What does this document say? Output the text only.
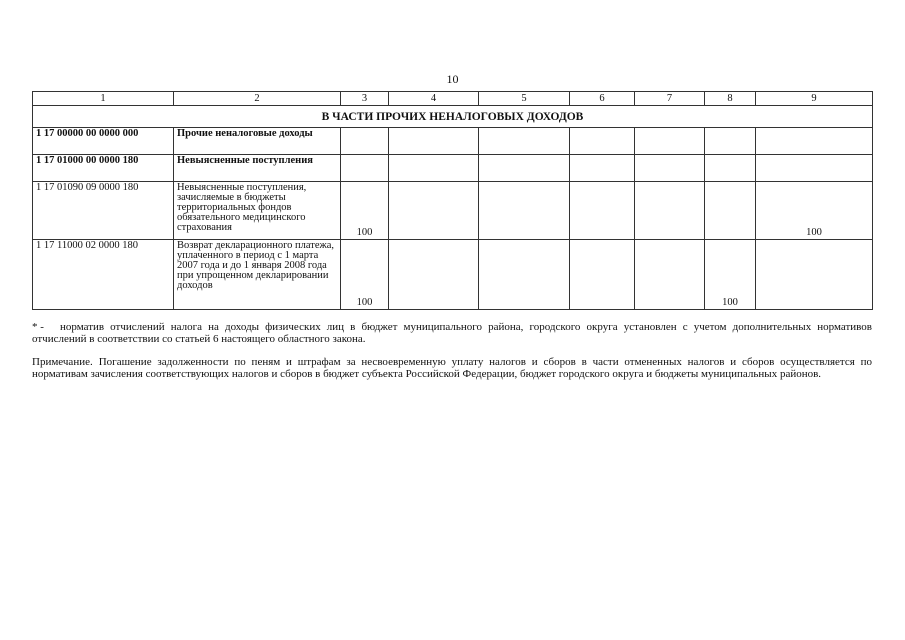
10
1	2	3	4	5	6	7	8	9
В ЧАСТИ ПРОЧИХ НЕНАЛОГОВЫХ ДОХОДОВ								
1 17 00000 00 0000 000	Прочие неналоговые доходы							
1 17 01000 00 0000 180	Невыясненные поступления							
1 17 01090 09 0000 180	Невыясненные поступления, зачисляемые в бюджеты территориальных фондов обязательного медицинского страхования	100						100
1 17 11000 02 0000 180	Возврат декларационного платежа, уплаченного в период с 1 марта 2007 года и до 1 января 2008 года при упрощенном декларировании доходов	100					100	
* - норматив отчислений налога на доходы физических лиц в бюджет муниципального района, городского округа установлен с учетом дополнительных нормативов отчислений в соответствии со статьей 6 настоящего областного закона.
Примечание. Погашение задолженности по пеням и штрафам за несвоевременную уплату налогов и сборов в части отмененных налогов и сборов осуществляется по нормативам зачисления соответствующих налогов и сборов в бюджет субъекта Российской Федерации, бюджет городского округа и бюджеты муниципальных районов.
